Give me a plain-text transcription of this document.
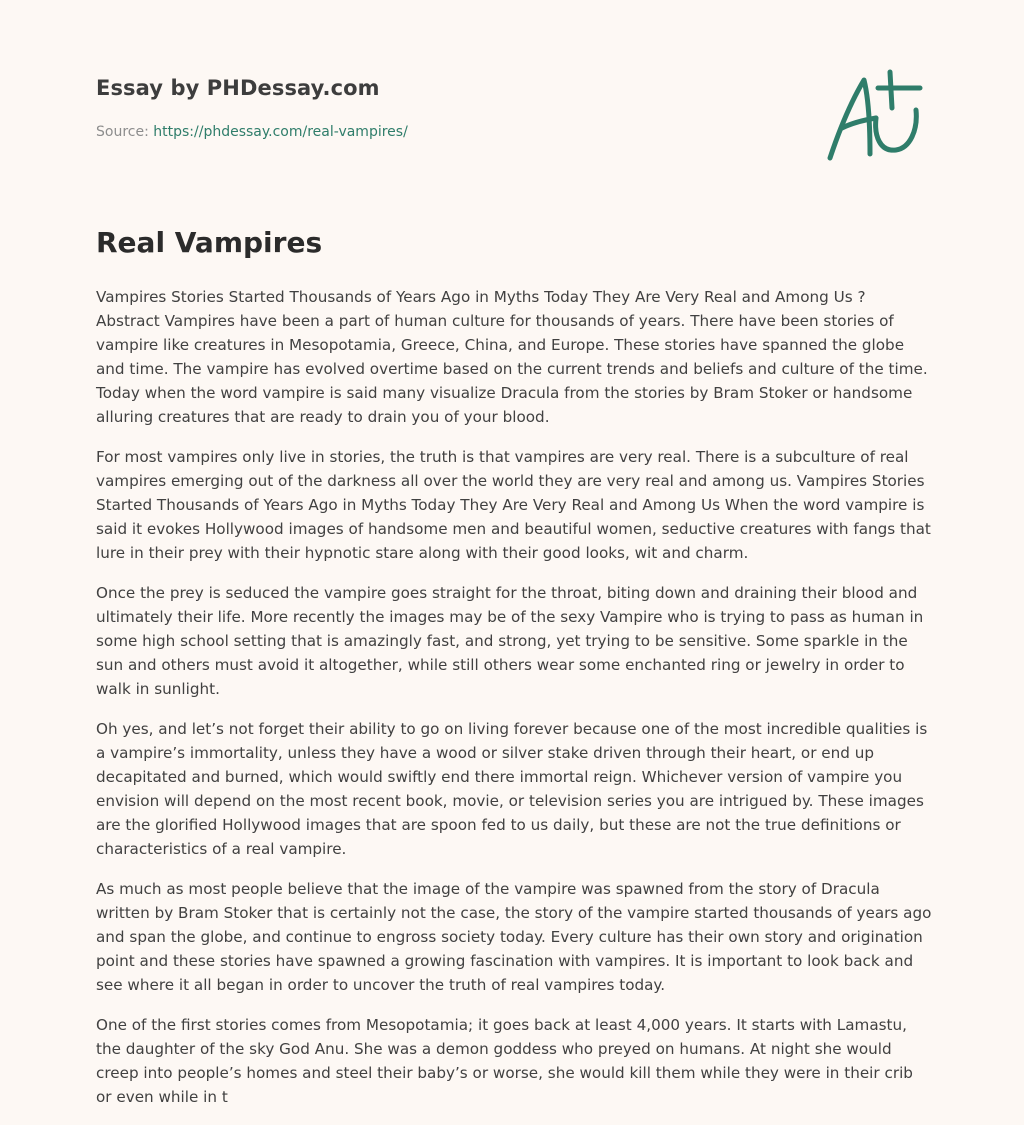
Essay by PHDessay.com
Source: https://phdessay.com/real-vampires/
Real Vampires

Vampires Stories Started Thousands of Years Ago in Myths Today They Are Very Real and Among Us ? Abstract Vampires have been a part of human culture for thousands of years. There have been stories of vampire like creatures in Mesopotamia, Greece, China, and Europe. These stories have spanned the globe and time. The vampire has evolved overtime based on the current trends and beliefs and culture of the time. Today when the word vampire is said many visualize Dracula from the stories by Bram Stoker or handsome alluring creatures that are ready to drain you of your blood.

For most vampires only live in stories, the truth is that vampires are very real. There is a subculture of real vampires emerging out of the darkness all over the world they are very real and among us. Vampires Stories Started Thousands of Years Ago in Myths Today They Are Very Real and Among Us When the word vampire is said it evokes Hollywood images of handsome men and beautiful women, seductive creatures with fangs that lure in their prey with their hypnotic stare along with their good looks, wit and charm.

Once the prey is seduced the vampire goes straight for the throat, biting down and draining their blood and ultimately their life. More recently the images may be of the sexy Vampire who is trying to pass as human in some high school setting that is amazingly fast, and strong, yet trying to be sensitive. Some sparkle in the sun and others must avoid it altogether, while still others wear some enchanted ring or jewelry in order to walk in sunlight.

Oh yes, and let’s not forget their ability to go on living forever because one of the most incredible qualities is a vampire’s immortality, unless they have a wood or silver stake driven through their heart, or end up decapitated and burned, which would swiftly end there immortal reign. Whichever version of vampire you envision will depend on the most recent book, movie, or television series you are intrigued by. These images are the glorified Hollywood images that are spoon fed to us daily, but these are not the true definitions or characteristics of a real vampire.

As much as most people believe that the image of the vampire was spawned from the story of Dracula written by Bram Stoker that is certainly not the case, the story of the vampire started thousands of years ago and span the globe, and continue to engross society today. Every culture has their own story and origination point and these stories have spawned a growing fascination with vampires. It is important to look back and see where it all began in order to uncover the truth of real vampires today.

One of the first stories comes from Mesopotamia; it goes back at least 4,000 years. It starts with Lamastu, the daughter of the sky God Anu. She was a demon goddess who preyed on humans. At night she would creep into people’s homes and steel their baby’s or worse, she would kill them while they were in their crib or even while in t
